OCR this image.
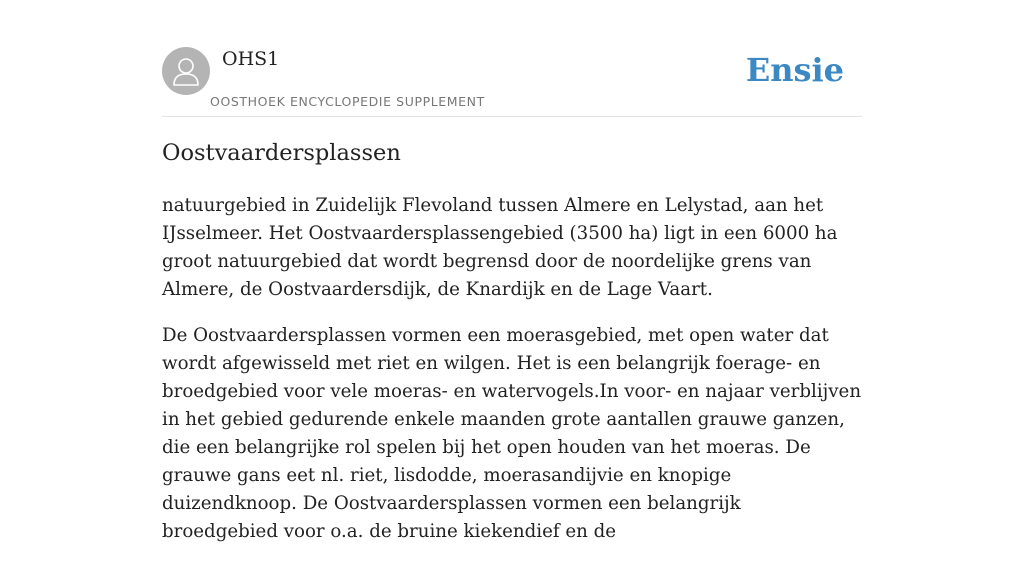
OHS1
OOSTHOEK ENCYCLOPEDIE SUPPLEMENT
Ensie
Oostvaardersplassen

natuurgebied in Zuidelijk Flevoland tussen Almere en Lelystad, aan het IJsselmeer. Het Oostvaardersplassengebied (3500 ha) ligt in een 6000 ha groot natuurgebied dat wordt begrensd door de noordelijke grens van Almere, de Oostvaardersdijk, de Knardijk en de Lage Vaart.

De Oostvaardersplassen vormen een moerasgebied, met open water dat wordt afgewisseld met riet en wilgen. Het is een belangrijk foerage- en broedgebied voor vele moeras- en watervogels.In voor- en najaar verblijven in het gebied gedurende enkele maanden grote aantallen grauwe ganzen, die een belangrijke rol spelen bij het open houden van het moeras. De grauwe gans eet nl. riet, lisdodde, moerasandijvie en knopige duizendknoop. De Oostvaardersplassen vormen een belangrijk broedgebied voor o.a. de bruine kiekendief en de
